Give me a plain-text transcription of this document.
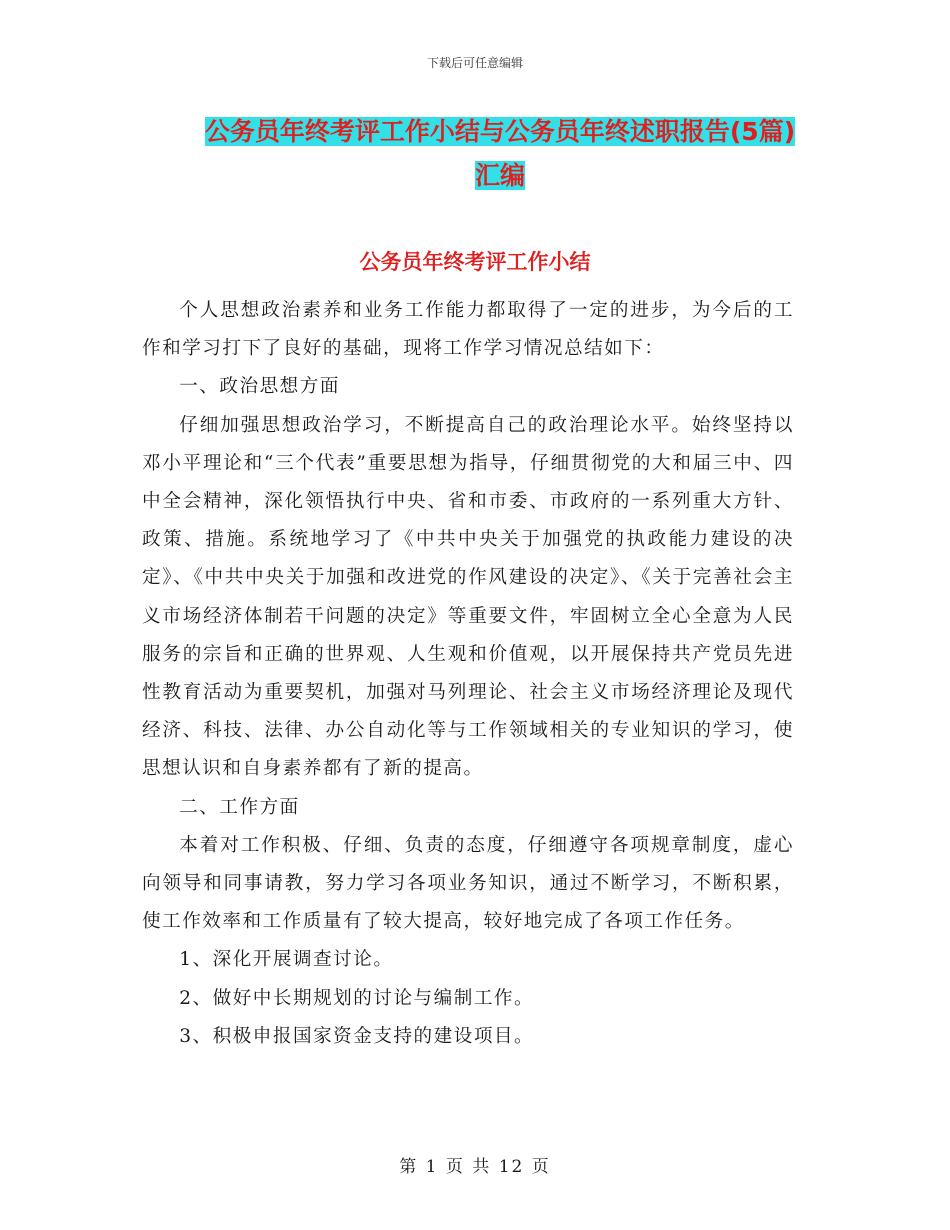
下载后可任意编辑
公务员年终考评工作小结与公务员年终述职报告(5篇)汇编
公务员年终考评工作小结

个人思想政治素养和业务工作能力都取得了一定的进步，为今后的工作和学习打下了良好的基础，现将工作学习情况总结如下：

一、政治思想方面

仔细加强思想政治学习，不断提高自己的政治理论水平。始终坚持以邓小平理论和“三个代表”重要思想为指导，仔细贯彻党的大和届三中、四中全会精神，深化领悟执行中央、省和市委、市政府的一系列重大方针、政策、措施。系统地学习了《中共中央关于加强党的执政能力建设的决定》、《中共中央关于加强和改进党的作风建设的决定》、《关于完善社会主义市场经济体制若干问题的决定》等重要文件，牢固树立全心全意为人民服务的宗旨和正确的世界观、人生观和价值观，以开展保持共产党员先进性教育活动为重要契机，加强对马列理论、社会主义市场经济理论及现代经济、科技、法律、办公自动化等与工作领域相关的专业知识的学习，使思想认识和自身素养都有了新的提高。

二、工作方面

本着对工作积极、仔细、负责的态度，仔细遵守各项规章制度，虚心向领导和同事请教，努力学习各项业务知识，通过不断学习，不断积累，使工作效率和工作质量有了较大提高，较好地完成了各项工作任务。

1、深化开展调查讨论。

2、做好中长期规划的讨论与编制工作。

3、积极申报国家资金支持的建设项目。

第 1 页 共 12 页
